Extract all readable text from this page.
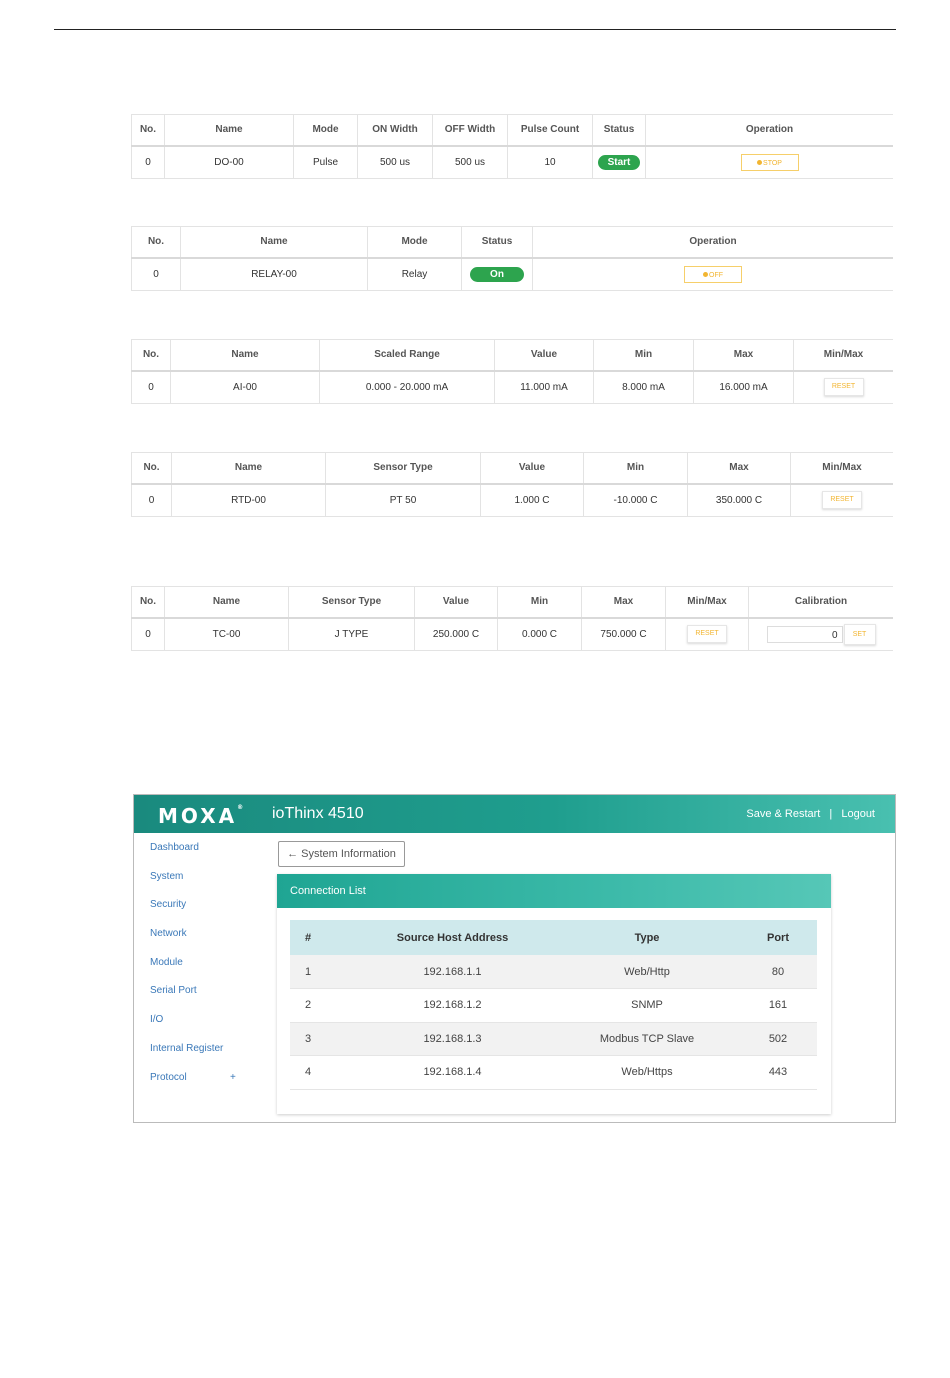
No.	Name	Mode	ON Width	OFF Width	Pulse Count	Status	Operation
0	DO-00	Pulse	500 us	500 us	10	Start	STOP
No.	Name	Mode	Status	Operation
0	RELAY-00	Relay	On	OFF
No.	Name	Scaled Range	Value	Min	Max	Min/Max
0	AI-00	0.000 - 20.000 mA	11.000 mA	8.000 mA	16.000 mA	RESET
No.	Name	Sensor Type	Value	Min	Max	Min/Max
0	RTD-00	PT 50	1.000 C	-10.000 C	350.000 C	RESET
No.	Name	Sensor Type	Value	Min	Max	Min/Max	Calibration
0	TC-00	J TYPE	250.000 C	0.000 C	750.000 C	RESET	0 SET
MOXA® ioThinx 4510	Save & Restart | Logout
Dashboard
System
Security
Network
Module
Serial Port
I/O
Internal Register
Protocol	+
← System Information
Connection List
#	Source Host Address	Type	Port
1	192.168.1.1	Web/Http	80
2	192.168.1.2	SNMP	161
3	192.168.1.3	Modbus TCP Slave	502
4	192.168.1.4	Web/Https	443
